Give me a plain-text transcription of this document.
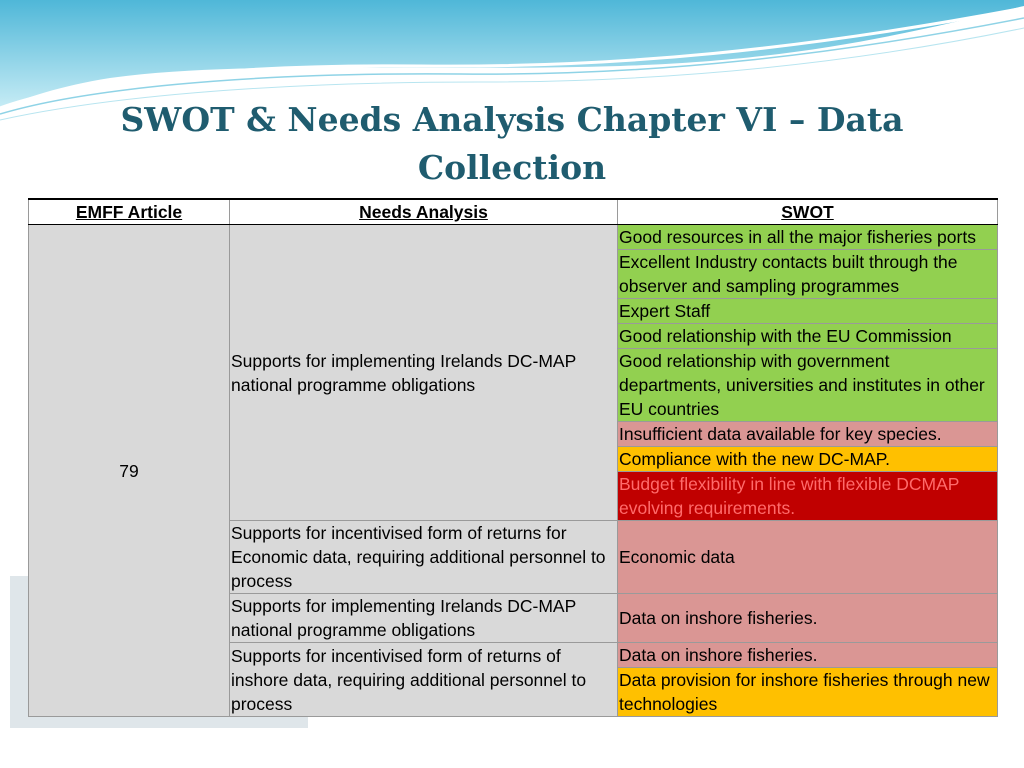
SWOT & Needs Analysis Chapter VI – Data Collection
EMFF Article	Needs Analysis	SWOT
79	Supports for implementing Irelands DC-MAP national programme obligations	Good resources in all the major fisheries ports
		Excellent Industry contacts built through the observer and sampling programmes
		Expert Staff
		Good relationship with the EU Commission
		Good relationship with government departments, universities and institutes in other EU countries
		Insufficient data available for key species.
		Compliance with the new DC-MAP.
		Budget flexibility in line with flexible DCMAP evolving requirements.
	Supports for incentivised form of returns for Economic data, requiring additional personnel to process	Economic data
	Supports for implementing Irelands DC-MAP national programme obligations	Data on inshore fisheries.
	Supports for incentivised form of returns of inshore data, requiring additional personnel to process	Data on inshore fisheries.
		Data provision for inshore fisheries through new technologies
